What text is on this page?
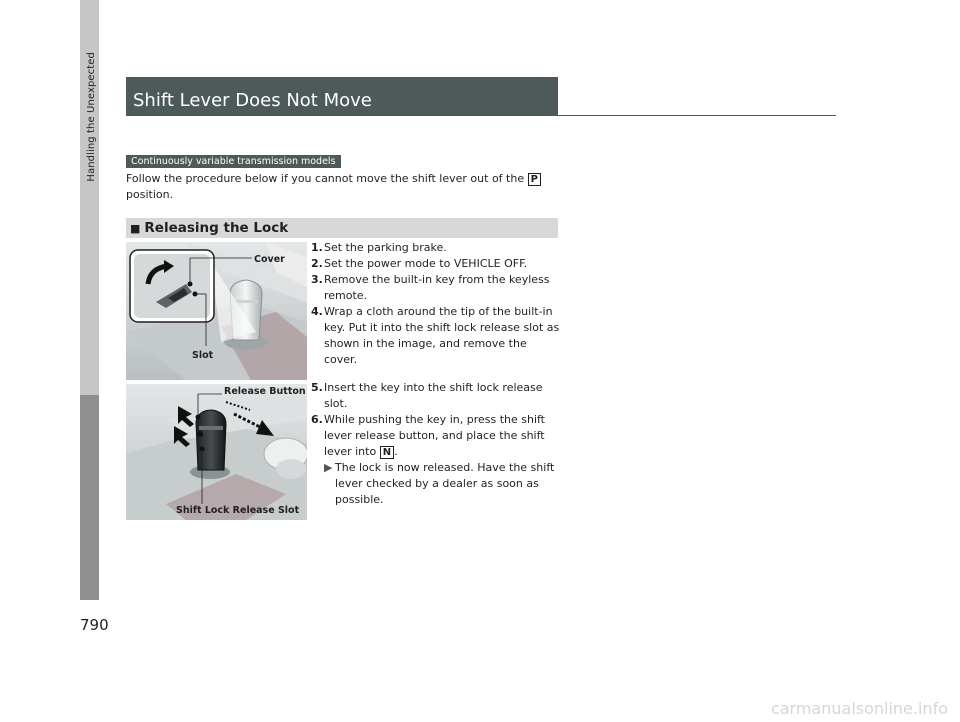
Handling the Unexpected
790
Shift Lever Does Not Move
Continuously variable transmission models
Follow the procedure below if you cannot move the shift lever out of the P position.
■ Releasing the Lock
Cover
Slot
Release Button
Shift Lock Release Slot
1. Set the parking brake.
2. Set the power mode to VEHICLE OFF.
3. Remove the built-in key from the keyless remote.
4. Wrap a cloth around the tip of the built-in key. Put it into the shift lock release slot as shown in the image, and remove the cover.
5. Insert the key into the shift lock release slot.
6. While pushing the key in, press the shift lever release button, and place the shift lever into N .
▶ The lock is now released. Have the shift lever checked by a dealer as soon as possible.
carmanualsonline.info
